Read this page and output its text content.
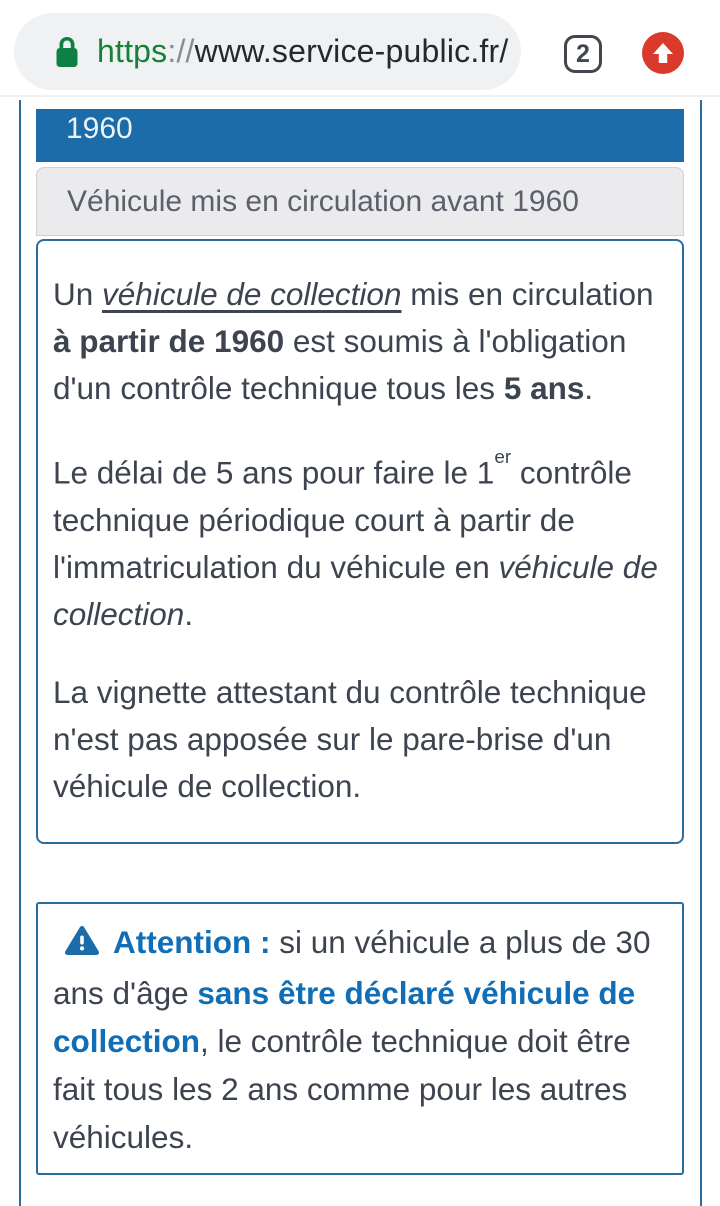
https://www.service-public.fr/	2
1960
Véhicule mis en circulation avant 1960

Un véhicule de collection mis en circulation à partir de 1960 est soumis à l'obligation d'un contrôle technique tous les 5 ans.

Le délai de 5 ans pour faire le 1er contrôle technique périodique court à partir de l'immatriculation du véhicule en véhicule de collection.

La vignette attestant du contrôle technique n'est pas apposée sur le pare-brise d'un véhicule de collection.

Attention : si un véhicule a plus de 30 ans d'âge sans être déclaré véhicule de collection, le contrôle technique doit être fait tous les 2 ans comme pour les autres véhicules.
